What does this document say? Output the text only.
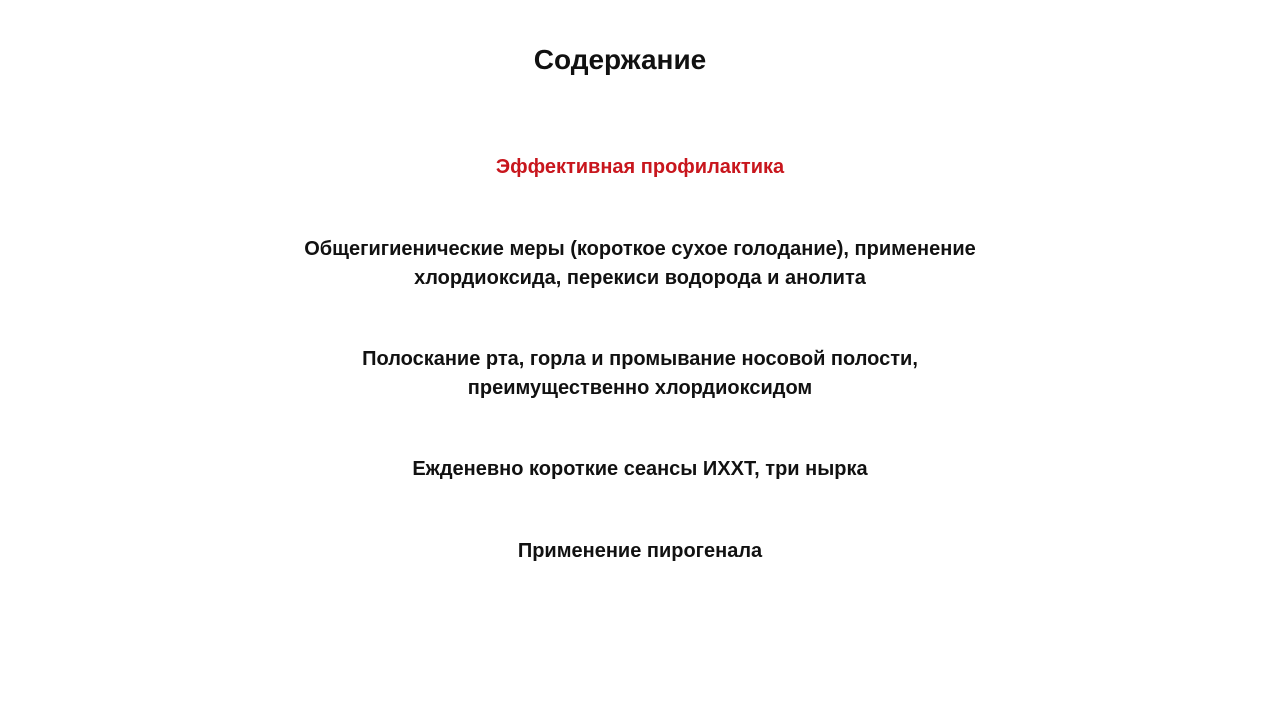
Содержание
Эффективная профилактика
Общегигиенические меры (короткое сухое голодание), применение
хлордиоксида, перекиси водорода и анолита
Полоскание рта, горла и промывание носовой полости,
преимущественно хлордиоксидом
Ежденевно короткие сеансы ИХХТ, три нырка
Применение пирогенала
